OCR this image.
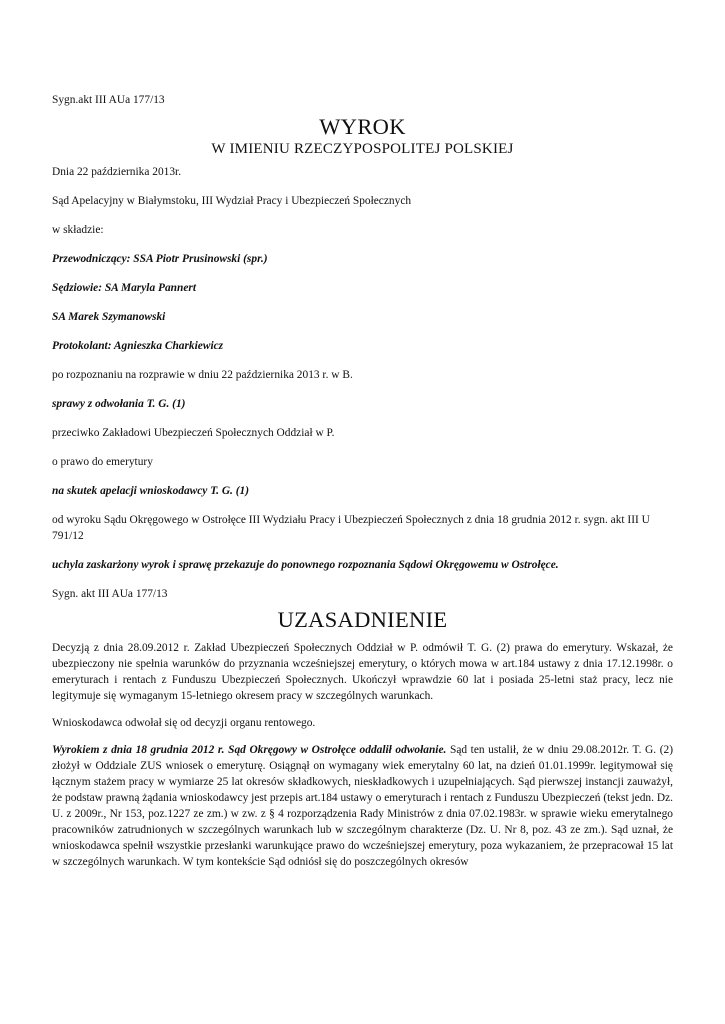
Sygn.akt III AUa 177/13

WYROK
W IMIENIU RZECZYPOSPOLITEJ POLSKIEJ

Dnia 22 października 2013r.

Sąd Apelacyjny w Białymstoku, III Wydział Pracy i Ubezpieczeń Społecznych

w składzie:

Przewodniczący: SSA Piotr Prusinowski (spr.)

Sędziowie: SA Maryla Pannert

SA Marek Szymanowski

Protokolant: Agnieszka Charkiewicz

po rozpoznaniu na rozprawie w dniu 22 października 2013 r. w B.

sprawy z odwołania T. G. (1)

przeciwko Zakładowi Ubezpieczeń Społecznych Oddział w P.

o prawo do emerytury

na skutek apelacji wnioskodawcy T. G. (1)

od wyroku Sądu Okręgowego w Ostrołęce III Wydziału Pracy i Ubezpieczeń Społecznych z dnia 18 grudnia 2012 r. sygn. akt III U 791/12

uchyla zaskarżony wyrok i sprawę przekazuje do ponownego rozpoznania Sądowi Okręgowemu w Ostrołęce.

Sygn. akt III AUa 177/13

UZASADNIENIE

Decyzją z dnia 28.09.2012 r. Zakład Ubezpieczeń Społecznych Oddział w P. odmówił T. G. (2) prawa do emerytury. Wskazał, że ubezpieczony nie spełnia warunków do przyznania wcześniejszej emerytury, o których mowa w art.184 ustawy z dnia 17.12.1998r. o emeryturach i rentach z Funduszu Ubezpieczeń Społecznych. Ukończył wprawdzie 60 lat i posiada 25-letni staż pracy, lecz nie legitymuje się wymaganym 15-letniego okresem pracy w szczególnych warunkach.

Wnioskodawca odwołał się od decyzji organu rentowego.

Wyrokiem z dnia 18 grudnia 2012 r. Sąd Okręgowy w Ostrołęce oddalił odwołanie. Sąd ten ustalił, że w dniu 29.08.2012r. T. G. (2) złożył w Oddziale ZUS wniosek o emeryturę. Osiągnął on wymagany wiek emerytalny 60 lat, na dzień 01.01.1999r. legitymował się łącznym stażem pracy w wymiarze 25 lat okresów składkowych, nieskładkowych i uzupełniających. Sąd pierwszej instancji zauważył, że podstaw prawną żądania wnioskodawcy jest przepis art.184 ustawy o emeryturach i rentach z Funduszu Ubezpieczeń (tekst jedn. Dz. U. z 2009r., Nr 153, poz.1227 ze zm.) w zw. z § 4 rozporządzenia Rady Ministrów z dnia 07.02.1983r. w sprawie wieku emerytalnego pracowników zatrudnionych w szczególnych warunkach lub w szczególnym charakterze (Dz. U. Nr 8, poz. 43 ze zm.). Sąd uznał, że wnioskodawca spełnił wszystkie przesłanki warunkujące prawo do wcześniejszej emerytury, poza wykazaniem, że przepracował 15 lat w szczególnych warunkach. W tym kontekście Sąd odniósł się do poszczególnych okresów
